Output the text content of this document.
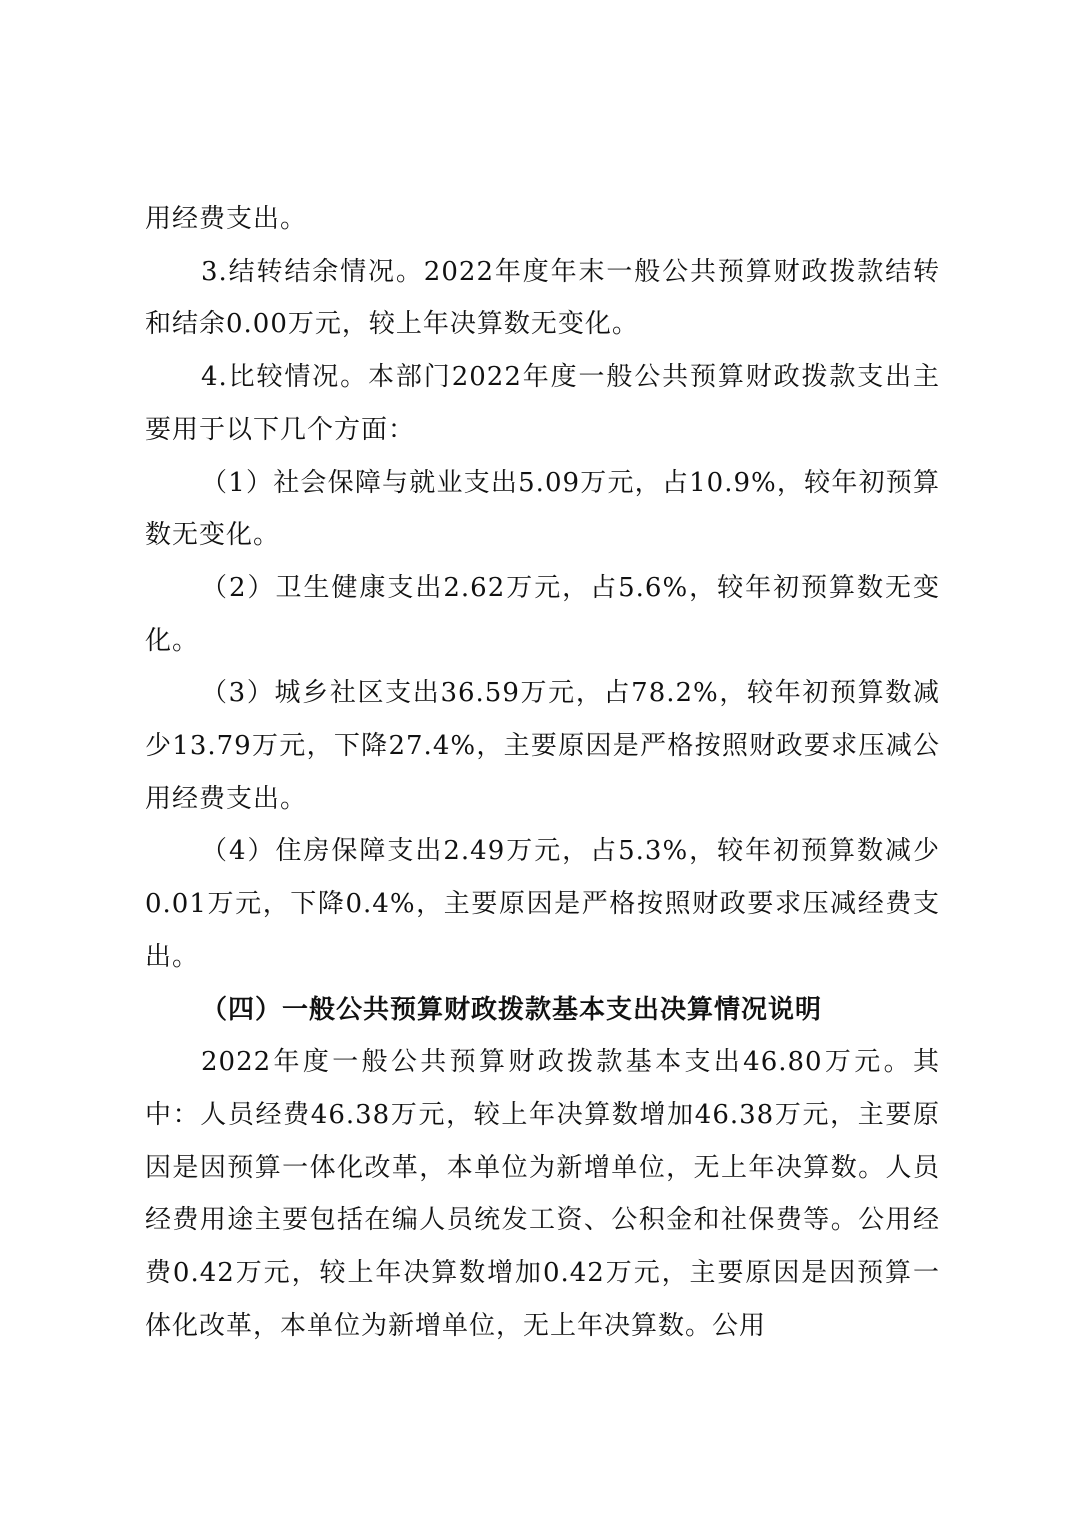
用经费支出。

3.结转结余情况。2022年度年末一般公共预算财政拨款结转和结余0.00万元，较上年决算数无变化。

4.比较情况。本部门2022年度一般公共预算财政拨款支出主要用于以下几个方面：

（1）社会保障与就业支出5.09万元，占10.9%，较年初预算数无变化。

（2）卫生健康支出2.62万元，占5.6%，较年初预算数无变化。

（3）城乡社区支出36.59万元，占78.2%，较年初预算数减少13.79万元，下降27.4%，主要原因是严格按照财政要求压减公用经费支出。

（4）住房保障支出2.49万元，占5.3%，较年初预算数减少0.01万元，下降0.4%，主要原因是严格按照财政要求压减经费支出。

（四）一般公共预算财政拨款基本支出决算情况说明

2022年度一般公共预算财政拨款基本支出46.80万元。其中：人员经费46.38万元，较上年决算数增加46.38万元，主要原因是因预算一体化改革，本单位为新增单位，无上年决算数。人员经费用途主要包括在编人员统发工资、公积金和社保费等。公用经费0.42万元，较上年决算数增加0.42万元，主要原因是因预算一体化改革，本单位为新增单位，无上年决算数。公用
